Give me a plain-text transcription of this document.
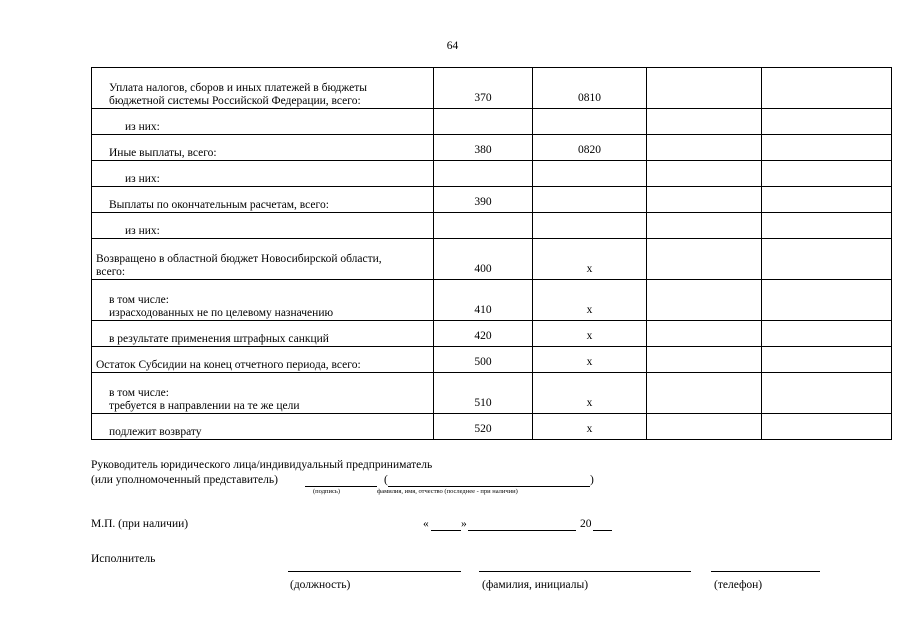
64
Уплата налогов, сборов и иных платежей в бюджеты
бюджетной системы Российской Федерации, всего:	370	0810		

из них:				

Иные выплаты, всего:	380	0820		

из них:				

Выплаты по окончательным расчетам, всего:	390			

из них:				

Возвращено в областной бюджет Новосибирской области,
всего:	400	x		

в том числе:
израсходованных не по целевому назначению	410	x		

в результате применения штрафных санкций	420	x		

Остаток Субсидии на конец отчетного периода, всего:	500	x		

в том числе:
требуется в направлении на те же цели	510	x		

подлежит возврату	520	x		
Руководитель юридического лица/индивидуальный предприниматель
(или уполномоченный представитель)	(	)
(подпись)	фамилия, имя, отчество (последнее - при наличии)
М.П. (при наличии)	«	»	20
Исполнитель
(должность)	(фамилия, инициалы)	(телефон)
